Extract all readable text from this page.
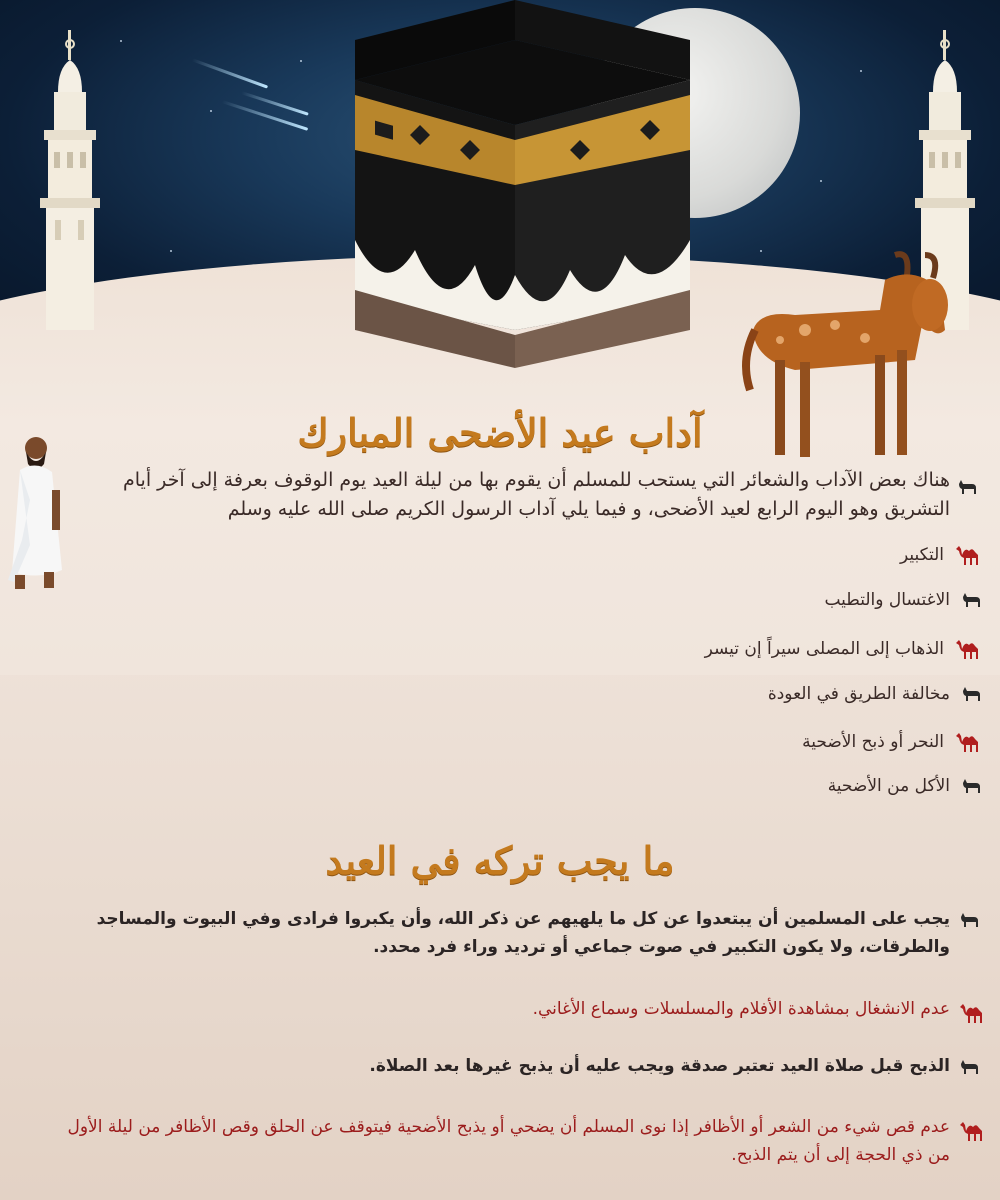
آداب عيد الأضحى المبارك
هناك بعض الآداب والشعائر التي يستحب للمسلم أن يقوم بها من ليلة العيد يوم الوقوف بعرفة إلى آخر أيام التشريق وهو اليوم الرابع لعيد الأضحى، و فيما يلي آداب الرسول الكريم صلى الله عليه وسلم
التكبير
الاغتسال والتطيب
الذهاب إلى المصلى سيراً إن تيسر
مخالفة الطريق في العودة
النحر أو ذبح الأضحية
الأكل من الأضحية
ما يجب تركه في العيد
يجب على المسلمين أن يبتعدوا عن كل ما يلهيهم عن ذكر الله، وأن يكبروا فرادى وفي البيوت والمساجد والطرقات، ولا يكون التكبير في صوت جماعي أو ترديد وراء فرد محدد.
عدم الانشغال بمشاهدة الأفلام والمسلسلات وسماع الأغاني.
الذبح قبل صلاة العيد تعتبر صدقة ويجب عليه أن يذبح غيرها بعد الصلاة.
عدم قص شيء من الشعر أو الأظافر إذا نوى المسلم أن يضحي أو يذبح الأضحية فيتوقف عن الحلق وقص الأظافر من ليلة الأول من ذي الحجة إلى أن يتم الذبح.
